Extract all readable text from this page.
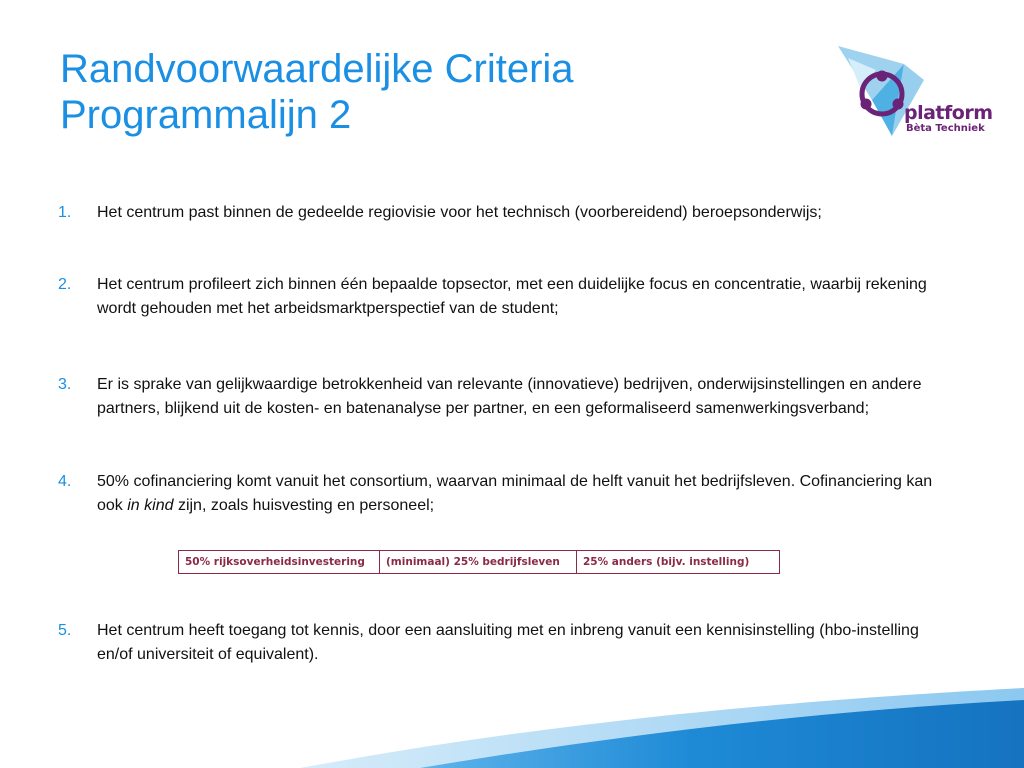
Randvoorwaardelijke Criteria
Programmalijn 2	platform
Bèta Techniek
1. Het centrum past binnen de gedeelde regiovisie voor het technisch (voorbereidend) beroepsonderwijs;
2. Het centrum profileert zich binnen één bepaalde topsector, met een duidelijke focus en concentratie, waarbij rekening wordt gehouden met het arbeidsmarktperspectief van de student;
3. Er is sprake van gelijkwaardige betrokkenheid van relevante (innovatieve) bedrijven, onderwijsinstellingen en andere partners, blijkend uit de kosten- en batenanalyse per partner, en een geformaliseerd samenwerkingsverband;
4. 50% cofinanciering komt vanuit het consortium, waarvan minimaal de helft vanuit het bedrijfsleven. Cofinanciering kan ook in kind zijn, zoals huisvesting en personeel;
5. Het centrum heeft toegang tot kennis, door een aansluiting met en inbreng vanuit een kennisinstelling (hbo-instelling en/of universiteit of equivalent).
50% rijksoverheidsinvestering	(minimaal) 25% bedrijfsleven	25% anders (bijv. instelling)
